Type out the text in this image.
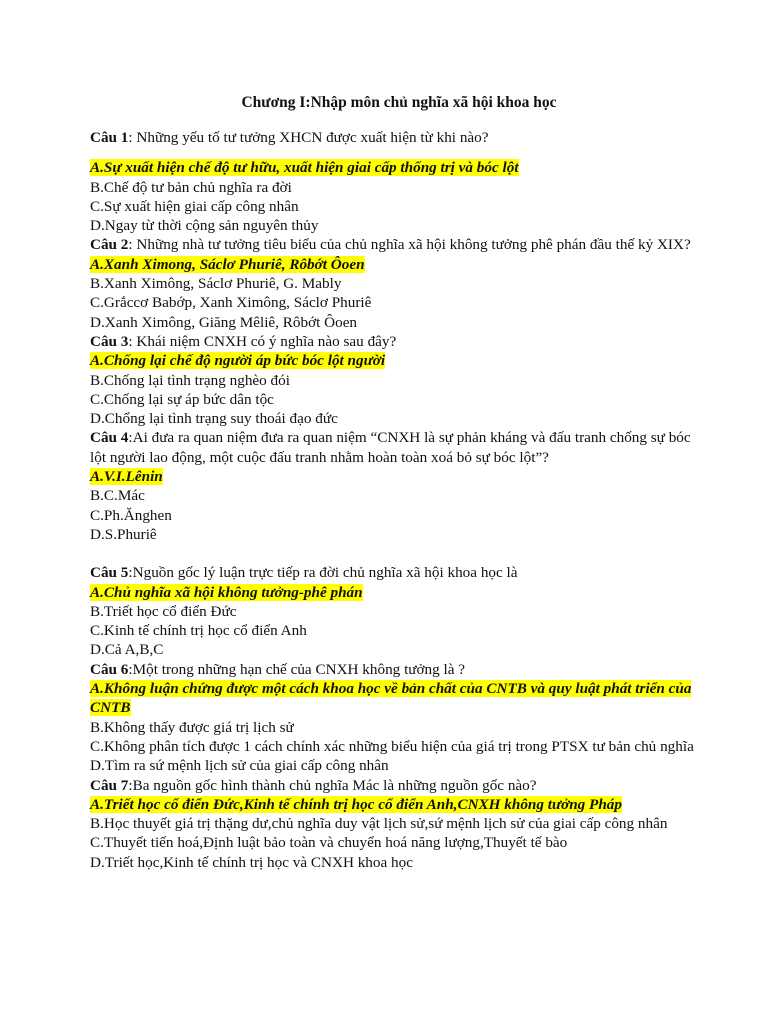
Chương I:Nhập môn chủ nghĩa xã hội khoa học

Câu 1: Những yếu tố tư tưởng XHCN được xuất hiện từ khi nào?

A.Sự xuất hiện chế độ tư hữu, xuất hiện giai cấp thống trị và bóc lột

B.Chế độ tư bản chủ nghĩa ra đời

C.Sự xuất hiện giai cấp công nhân

D.Ngay từ thời cộng sản nguyên thủy

Câu 2: Những nhà tư tưởng tiêu biểu của chủ nghĩa xã hội không tưởng phê phán đầu thế kỷ XIX?

A.Xanh Ximong, Sáclơ Phuriê, Rôbớt Ôoen

B.Xanh Ximông, Sáclơ Phuriê, G. Mably

C.Grắccơ Babớp, Xanh Ximông, Sáclơ Phuriê

D.Xanh Ximông, Giăng Mêliê, Rôbớt Ôoen

Câu 3: Khái niệm CNXH có ý nghĩa nào sau đây?

A.Chống lại chế độ người áp bức bóc lột người

B.Chống lại tình trạng nghèo đói

C.Chống lại sự áp bức dân tộc

D.Chống lại tình trạng suy thoái đạo đức

Câu 4:Ai đưa ra quan niệm đưa ra quan niệm “CNXH là sự phản kháng và đấu tranh chống sự bóc lột người lao động, một cuộc đấu tranh nhằm hoàn toàn xoá bỏ sự bóc lột”?

A.V.I.Lênin

B.C.Mác

C.Ph.Ănghen

D.S.Phuriê

Câu 5:Nguồn gốc lý luận trực tiếp ra đời chủ nghĩa xã hội khoa học là

A.Chủ nghĩa xã hội không tưởng-phê phán

B.Triết học cổ điển Đức

C.Kinh tế chính trị học cổ điển Anh

D.Cả A,B,C

Câu 6:Một trong những hạn chế của CNXH không tưởng là ?

A.Không luận chứng được một cách khoa học về bản chất của CNTB và quy luật phát triển của CNTB

B.Không thấy được giá trị lịch sử

C.Không phân tích được 1 cách chính xác những biểu hiện của giá trị trong PTSX tư bản chủ nghĩa

D.Tìm ra sứ mệnh lịch sử của giai cấp công nhân

Câu 7:Ba nguồn gốc hình thành chủ nghĩa Mác là những nguồn gốc nào?

A.Triết học cổ điển Đức,Kinh tế chính trị học cổ điển Anh,CNXH không tưởng Pháp

B.Học thuyết giá trị thặng dư,chủ nghĩa duy vật lịch sử,sứ mệnh lịch sử của giai cấp công nhân

C.Thuyết tiến hoá,Định luật bảo toàn và chuyển hoá năng lượng,Thuyết tế bào

D.Triết học,Kinh tế chính trị học và CNXH khoa học
